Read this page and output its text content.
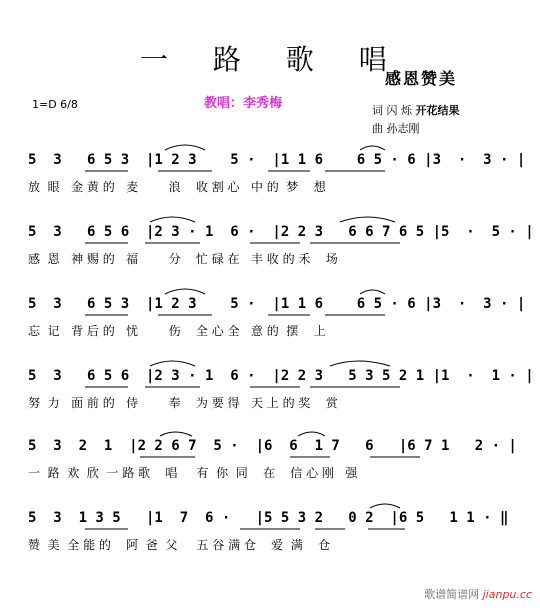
一 路 歌 唱
感恩赞美
1=D 6/8	教唱：李秀梅	词 闪 烁 开花结果
曲 孙志刚
5  3   6 5 3  |1 2 3    5 ·  |1 1 6    6 5 · 6 |3  ·  3 · |
放  眼   金 黄 的   麦        浪    收 割 心   中 的  梦    想
5  3   6 5 6  |2 3 · 1  6 ·  |2 2 3   6 6 7 6 5 |5  ·  5 · |
感  恩   神 赐 的   福        分    忙 碌 在   丰 收 的 禾    场
5  3   6 5 3  |1 2 3    5 ·  |1 1 6    6 5 · 6 |3  ·  3 · |
忘  记   背 后 的   忧        伤    全 心 全   意 的  摆    上
5  3   6 5 6  |2 3 · 1  6 ·  |2 2 3   5 3 5 2 1 |1  ·  1 · |
努  力   面 前 的   侍        奉    为 要 得   天 上 的 奖    赏
5  3  2  1  |2 2 6 7  5 ·  |6  6  1 7   6   |6 7 1   2 · |
一  路  欢  欣  一 路 歌    唱     有  你  同    在    信 心 刚   强
5  3  1 3 5   |1  7  6 ·   |5 5 3 2   0 2  |6 5   1 1 · ‖
赞  美  全 能 的    阿  爸  父     五 谷 满 仓    爱  满    仓
歌谱简谱网 jianpu.cc
